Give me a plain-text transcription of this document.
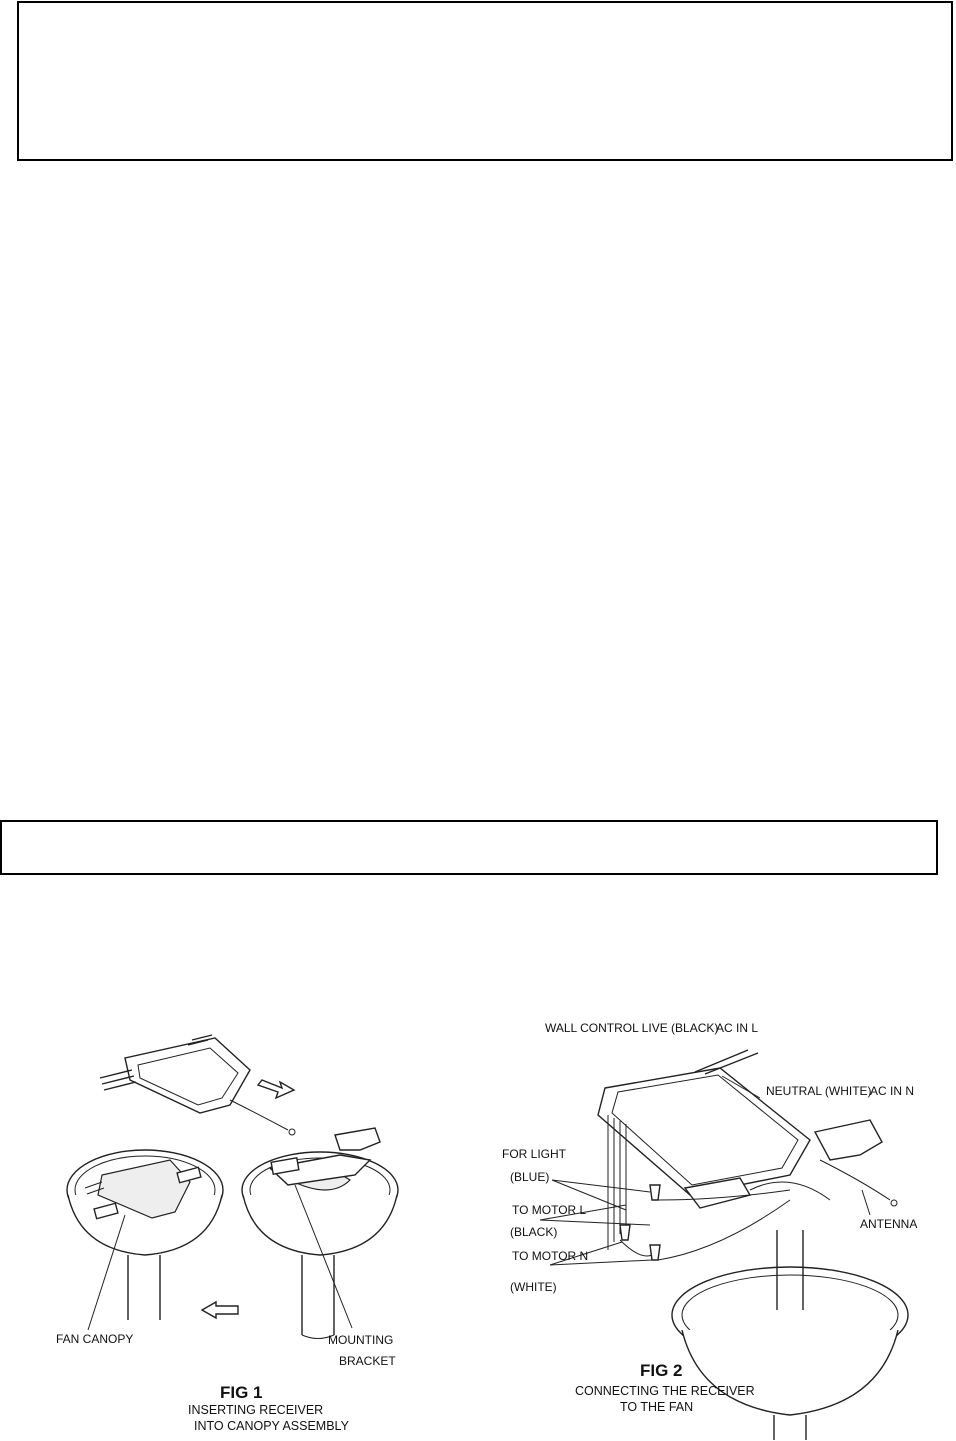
FAN CANOPY	MOUNTING
BRACKET
FIG 1
INSERTING RECEIVER
INTO CANOPY ASSEMBLY
WALL CONTROL LIVE (BLACK)
AC IN L
NEUTRAL (WHITE)
AC IN N
FOR LIGHT
(BLUE)
TO MOTOR L
(BLACK)
TO MOTOR N
(WHITE)
ANTENNA
FIG 2
CONNECTING THE RECEIVER
TO THE FAN
